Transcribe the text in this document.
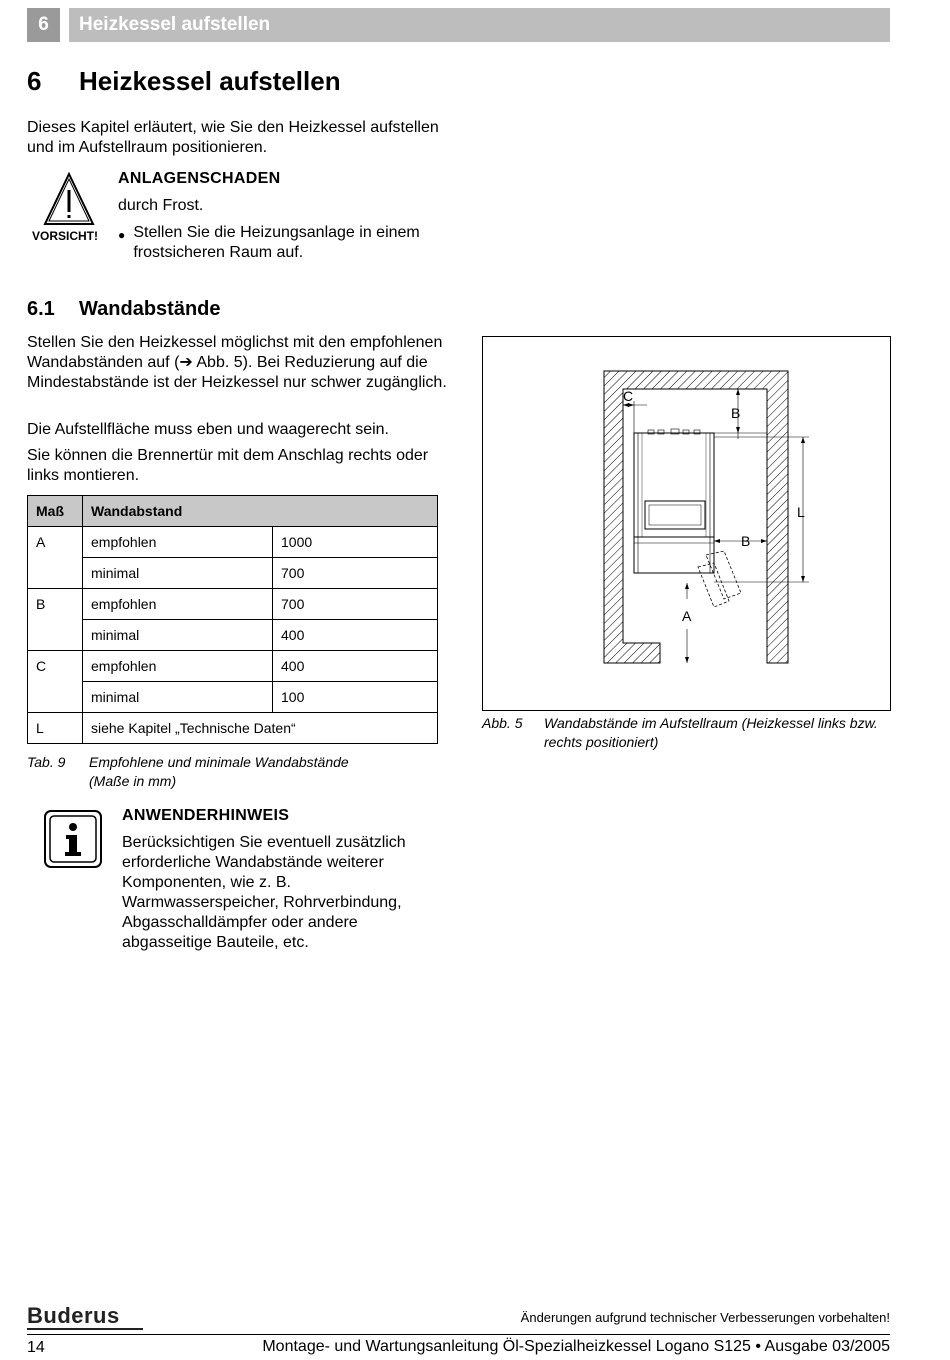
6	Heizkessel aufstellen
6	Heizkessel aufstellen
Dieses Kapitel erläutert, wie Sie den Heizkessel aufstellen und im Aufstellraum positionieren.
VORSICHT!
ANLAGENSCHADEN
durch Frost.
● Stellen Sie die Heizungsanlage in einem frostsicheren Raum auf.
6.1	Wandabstände
Stellen Sie den Heizkessel möglichst mit den empfohlenen Wandabständen auf (➔ Abb. 5). Bei Reduzierung auf die Mindestabstände ist der Heizkessel nur schwer zugänglich.
Die Aufstellfläche muss eben und waagerecht sein.
Sie können die Brennertür mit dem Anschlag rechts oder links montieren.
Maß	Wandabstand	
A	empfohlen	1000
	minimal	700
B	empfohlen	700
	minimal	400
C	empfohlen	400
	minimal	100
L	siehe Kapitel „Technische Daten“	
Tab. 9	Empfohlene und minimale Wandabstände (Maße in mm)
ANWENDERHINWEIS
Berücksichtigen Sie eventuell zusätzlich erforderliche Wandabstände weiterer Komponenten, wie z. B. Warmwasserspeicher, Rohrverbindung, Abgasschalldämpfer oder andere abgasseitige Bauteile, etc.
C
B
B
L
A
Abb. 5	Wandabstände im Aufstellraum (Heizkessel links bzw. rechts positioniert)
Buderus	Änderungen aufgrund technischer Verbesserungen vorbehalten!
14	Montage- und Wartungsanleitung Öl-Spezialheizkessel Logano S125 • Ausgabe 03/2005
